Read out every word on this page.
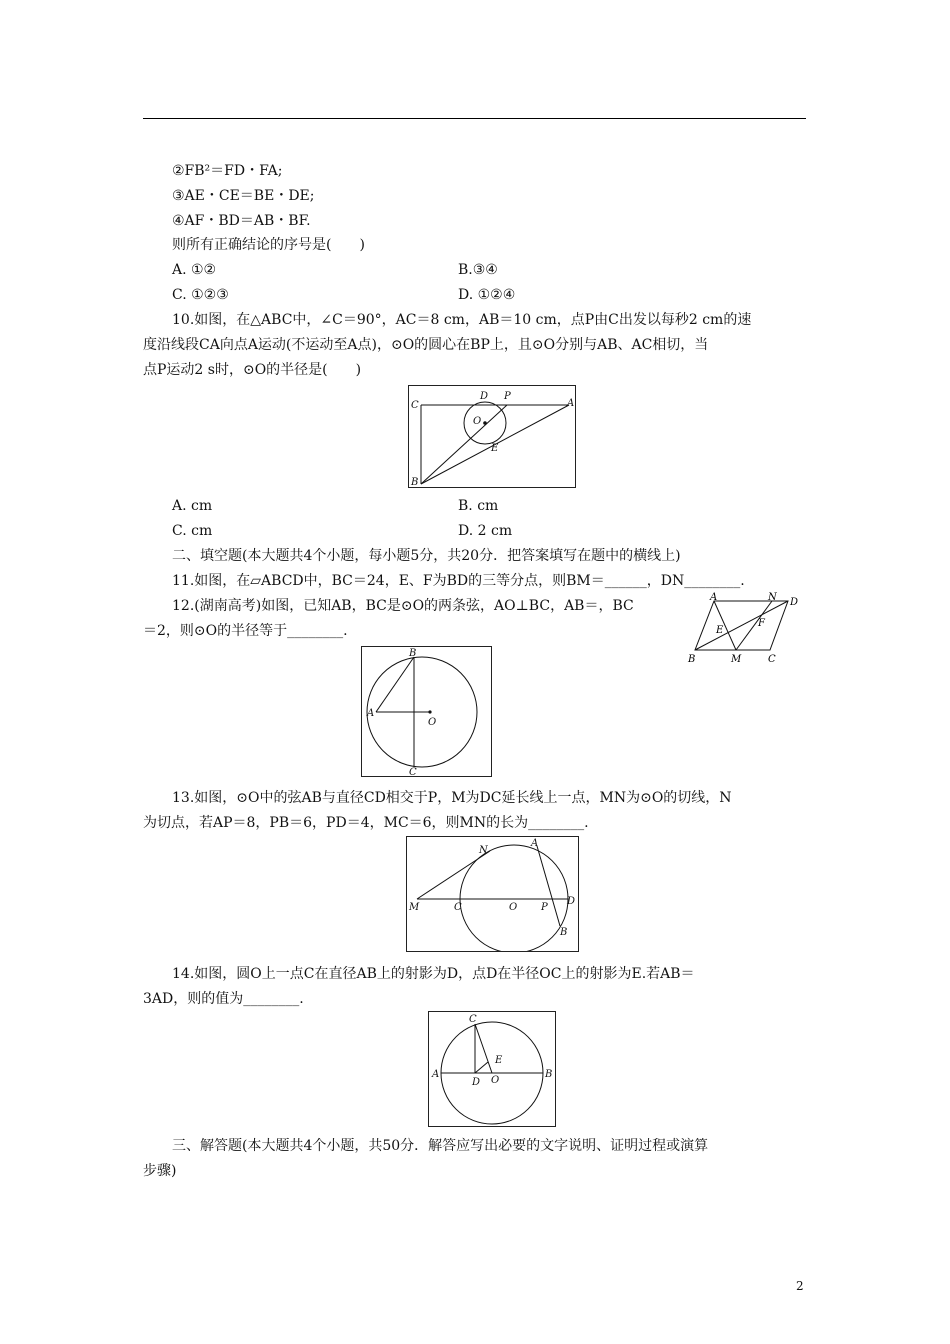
②FB²＝FD・FA;
③AE・CE＝BE・DE;
④AF・BD＝AB・BF.
则所有正确结论的序号是(　　)
A. ①②	B.③④
C. ①②③	D. ①②④
10.如图，在△ABC中，∠C＝90°，AC＝8 cm，AB＝10 cm，点P由C出发以每秒2 cm的速
度沿线段CA向点A运动(不运动至A点)，⊙O的圆心在BP上，且⊙O分别与AB、AC相切，当
点P运动2 s时，⊙O的半径是(　　)
C
D P
A
O
E
B
A. cm	B. cm
C. cm	D. 2 cm
二、填空题(本大题共4个小题，每小题5分，共20分．把答案填写在题中的横线上)
11.如图，在▱ABCD中，BC＝24，E、F为BD的三等分点，则BM＝______，DN________.
A	N D
E
F
B	M	C
12.(湖南高考)如图，已知AB，BC是⊙O的两条弦，AO⊥BC，AB＝，BC
＝2，则⊙O的半径等于________.
B
A
O
C
13.如图，⊙O中的弦AB与直径CD相交于P，M为DC延长线上一点，MN为⊙O的切线，N
为切点，若AP＝8，PB＝6，PD＝4，MC＝6，则MN的长为________.
N
A
M	C	O P
D
B
14.如图，圆O上一点C在直径AB上的射影为D，点D在半径OC上的射影为E.若AB＝
3AD，则的值为________.
C
E
A
D O
B
三、解答题(本大题共4个小题，共50分．解答应写出必要的文字说明、证明过程或演算
步骤)
2
